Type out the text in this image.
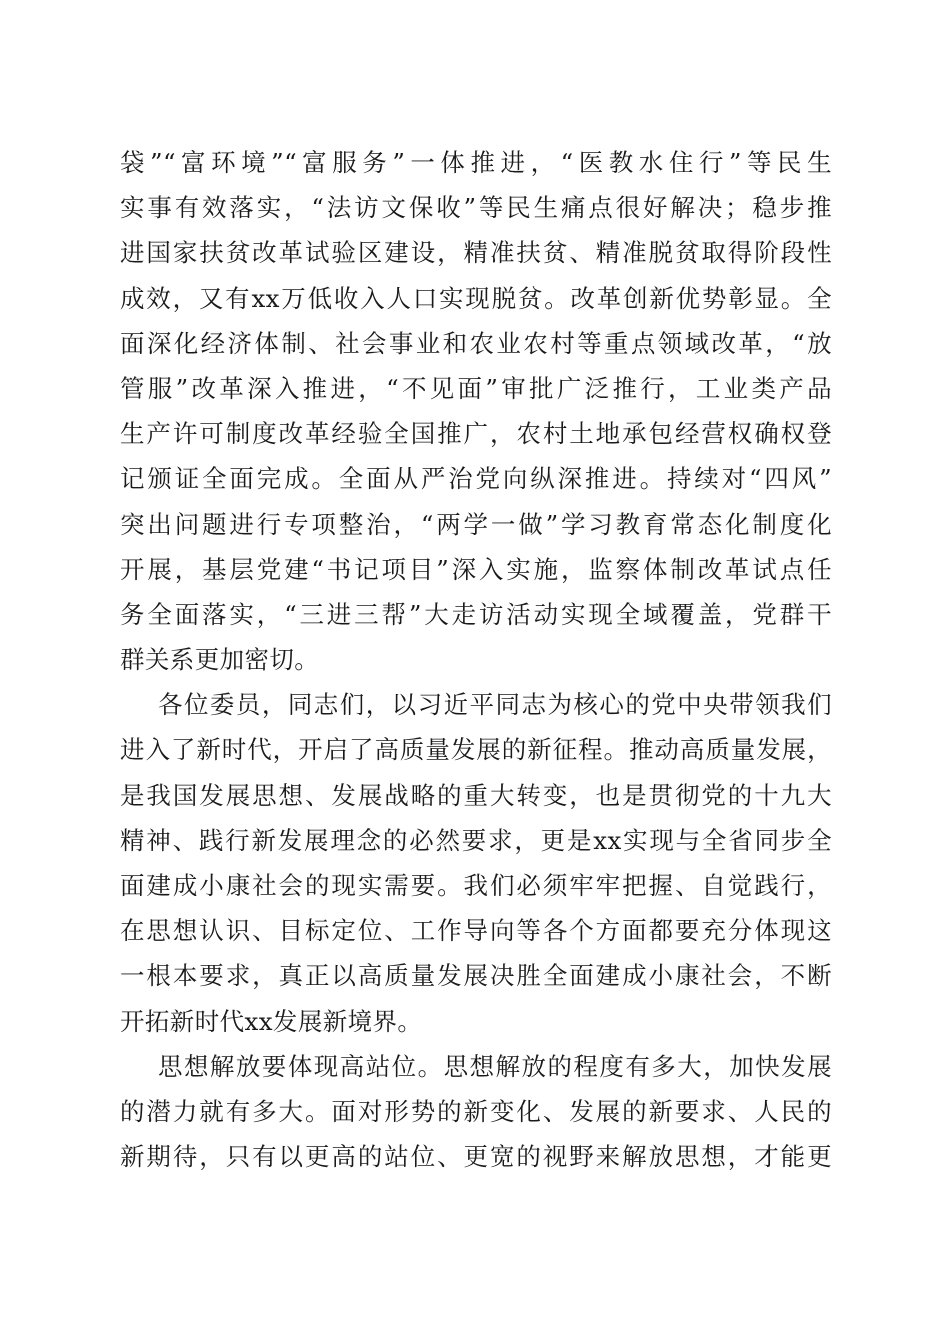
袋”“富环境”“富服务”一体推进，“医教水住行”等民生
实事有效落实，“法访文保收”等民生痛点很好解决；稳步推
进国家扶贫改革试验区建设，精准扶贫、精准脱贫取得阶段性
成效，又有xx万低收入人口实现脱贫。改革创新优势彰显。全
面深化经济体制、社会事业和农业农村等重点领域改革，“放
管服”改革深入推进，“不见面”审批广泛推行，工业类产品
生产许可制度改革经验全国推广，农村土地承包经营权确权登
记颁证全面完成。全面从严治党向纵深推进。持续对“四风”
突出问题进行专项整治，“两学一做”学习教育常态化制度化
开展，基层党建“书记项目”深入实施，监察体制改革试点任
务全面落实，“三进三帮”大走访活动实现全域覆盖，党群干
群关系更加密切。
各位委员，同志们，以习近平同志为核心的党中央带领我们
进入了新时代，开启了高质量发展的新征程。推动高质量发展，
是我国发展思想、发展战略的重大转变，也是贯彻党的十九大
精神、践行新发展理念的必然要求，更是xx实现与全省同步全
面建成小康社会的现实需要。我们必须牢牢把握、自觉践行，
在思想认识、目标定位、工作导向等各个方面都要充分体现这
一根本要求，真正以高质量发展决胜全面建成小康社会，不断
开拓新时代xx发展新境界。
思想解放要体现高站位。思想解放的程度有多大，加快发展
的潜力就有多大。面对形势的新变化、发展的新要求、人民的
新期待，只有以更高的站位、更宽的视野来解放思想，才能更
